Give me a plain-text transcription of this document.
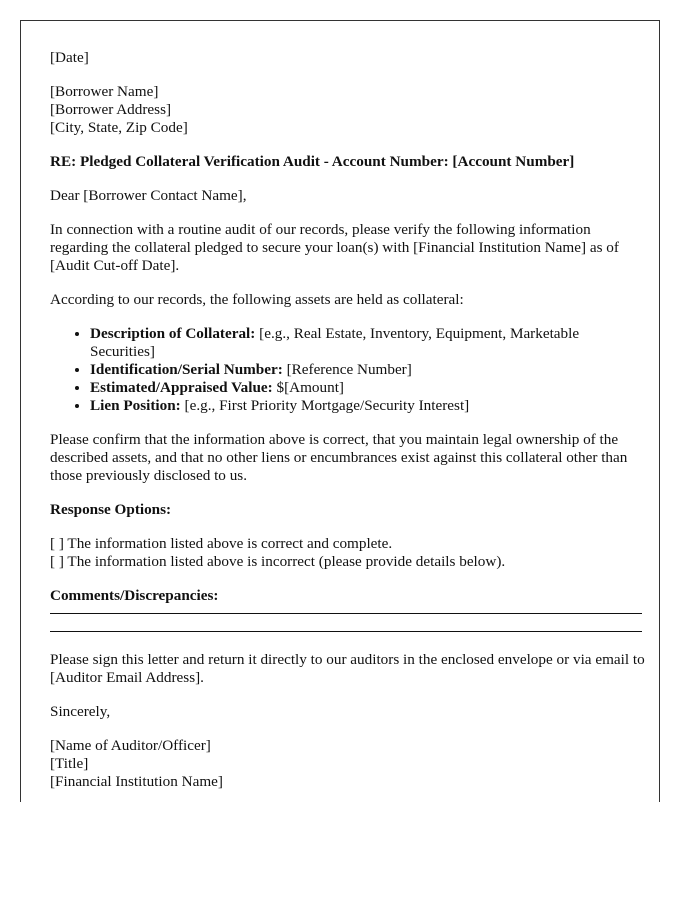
[Date]

[Borrower Name]
[Borrower Address]
[City, State, Zip Code]

RE: Pledged Collateral Verification Audit - Account Number: [Account Number]

Dear [Borrower Contact Name],

In connection with a routine audit of our records, please verify the following information regarding the collateral pledged to secure your loan(s) with [Financial Institution Name] as of [Audit Cut-off Date].

According to our records, the following assets are held as collateral:

• Description of Collateral: [e.g., Real Estate, Inventory, Equipment, Marketable Securities]
• Identification/Serial Number: [Reference Number]
• Estimated/Appraised Value: $[Amount]
• Lien Position: [e.g., First Priority Mortgage/Security Interest]

Please confirm that the information above is correct, that you maintain legal ownership of the described assets, and that no other liens or encumbrances exist against this collateral other than those previously disclosed to us.

Response Options:

[ ] The information listed above is correct and complete.
[ ] The information listed above is incorrect (please provide details below).

Comments/Discrepancies:

Please sign this letter and return it directly to our auditors in the enclosed envelope or via email to [Auditor Email Address].

Sincerely,

[Name of Auditor/Officer]
[Title]
[Financial Institution Name]
